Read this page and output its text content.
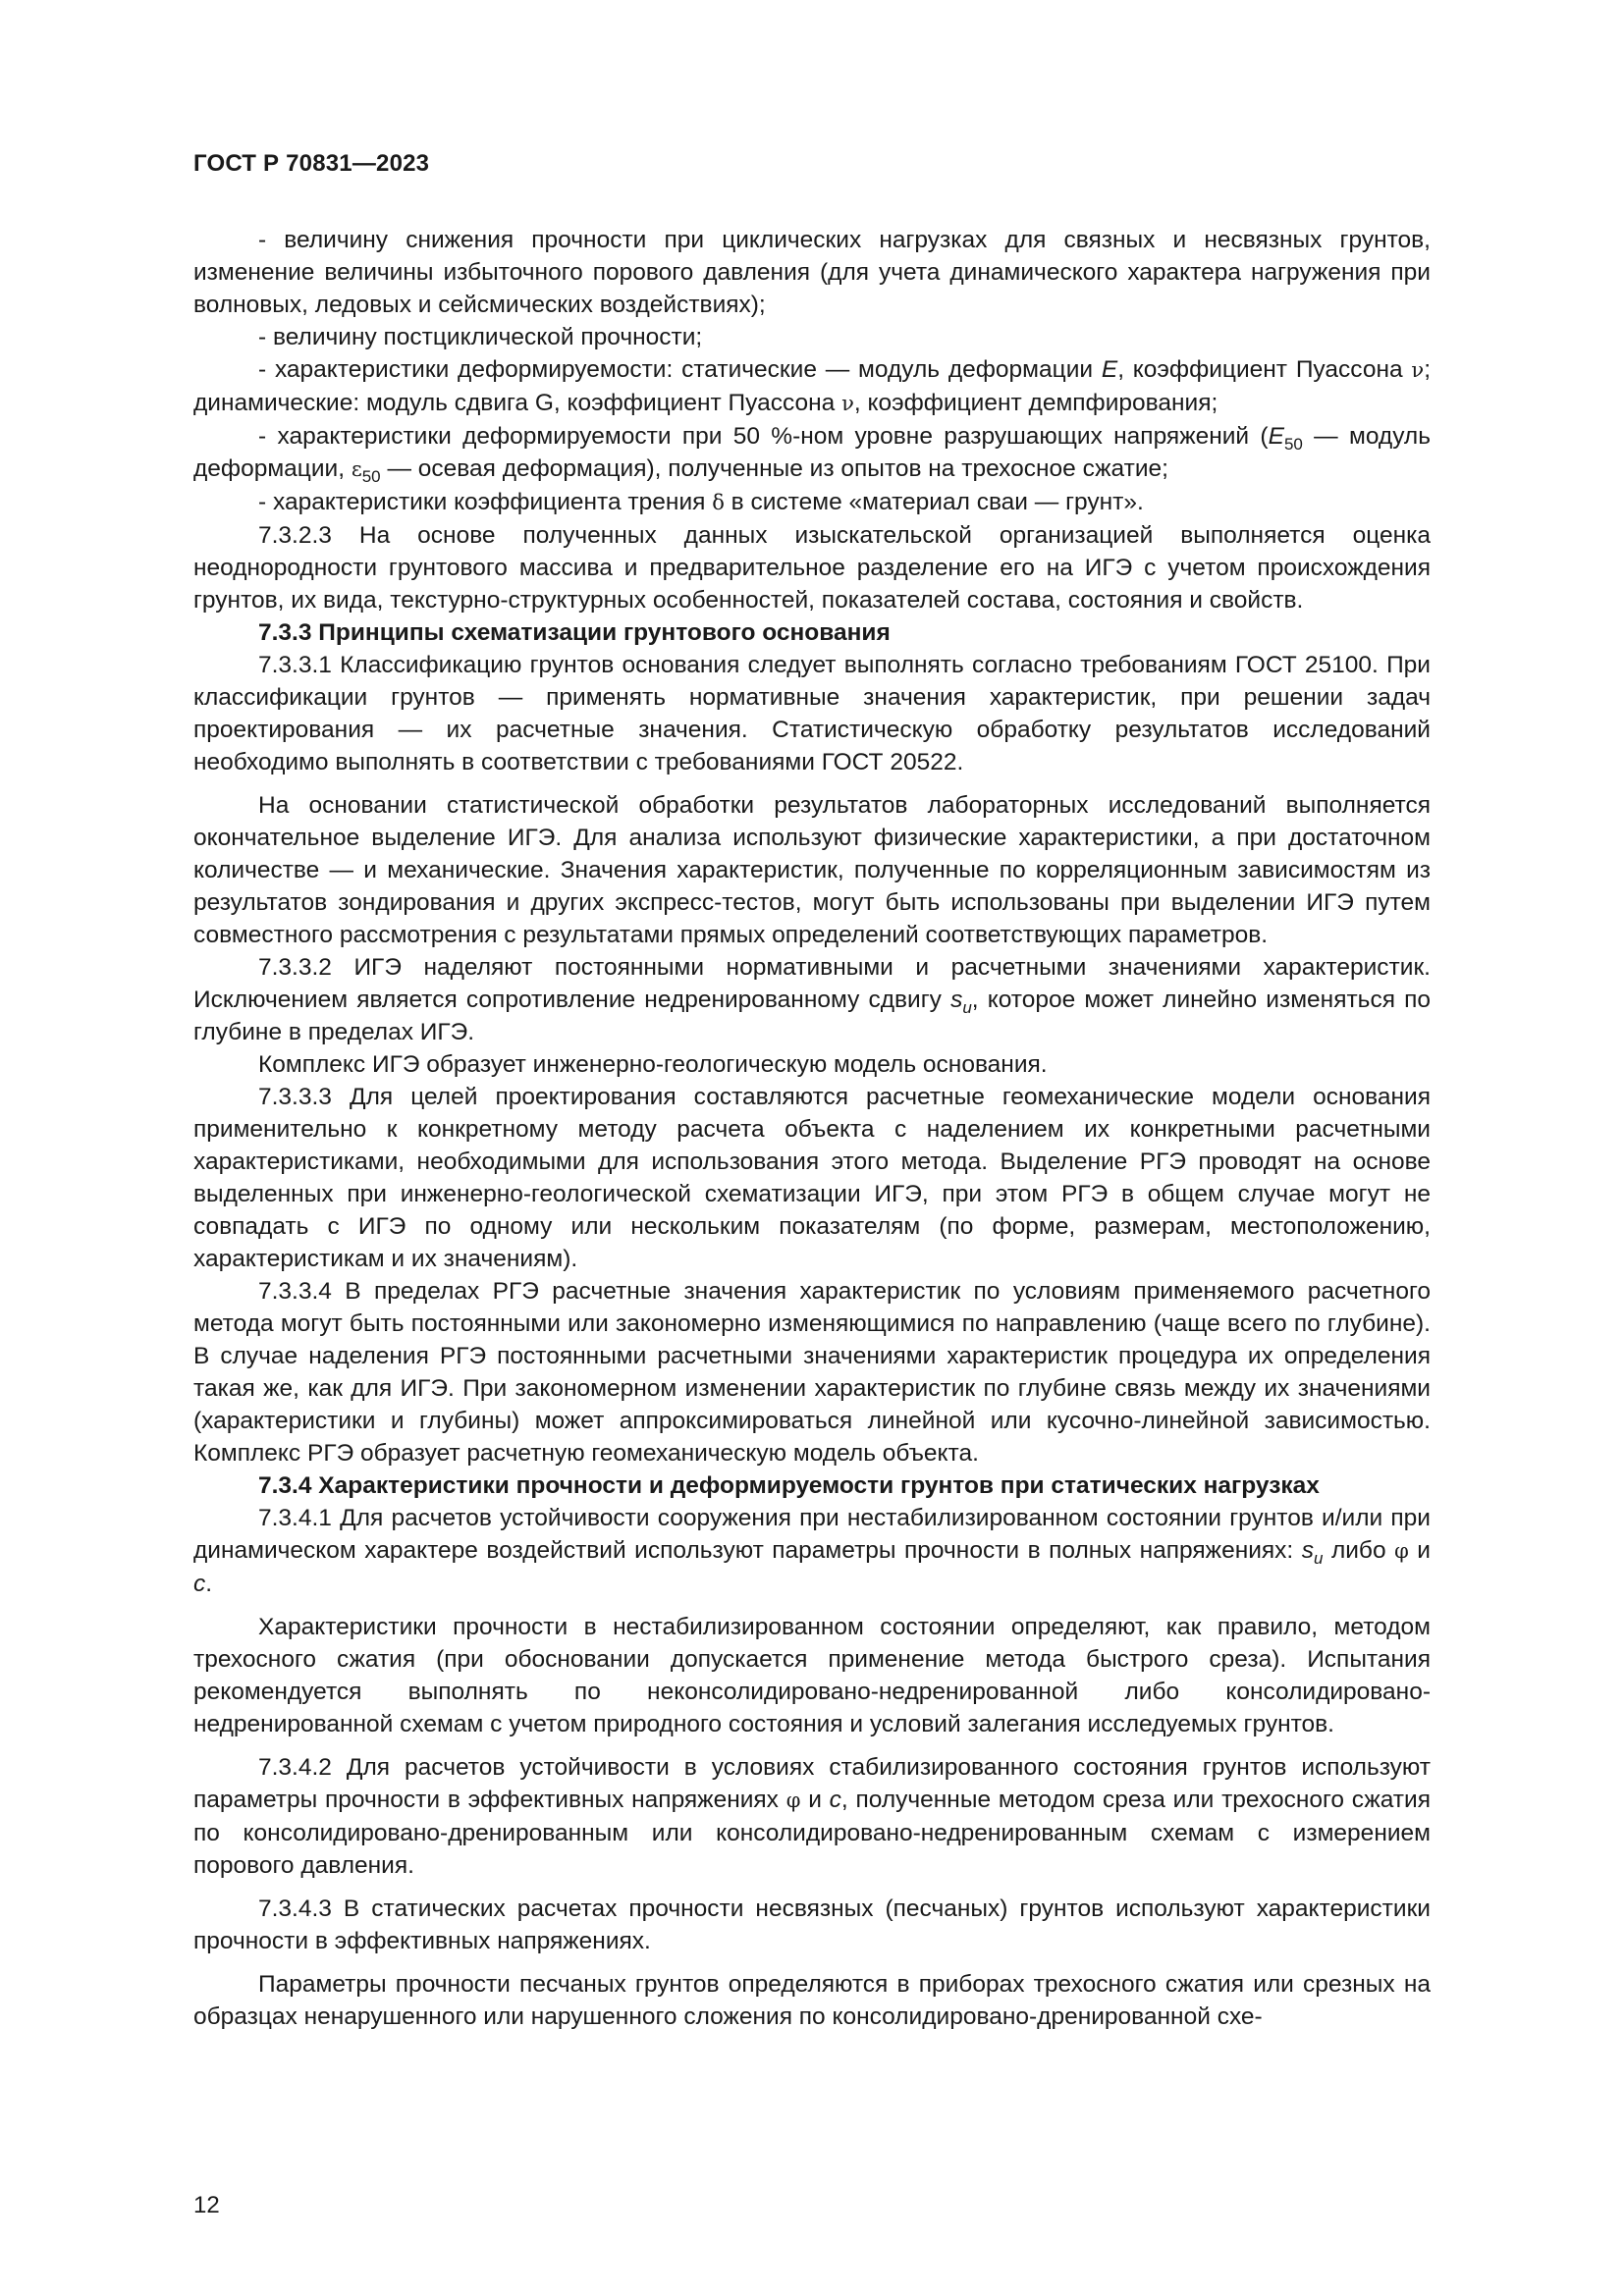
ГОСТ Р 70831—2023

- величину снижения прочности при циклических нагрузках для связных и несвязных грунтов, изменение величины избыточного порового давления (для учета динамического характера нагружения при волновых, ледовых и сейсмических воздействиях);

- величину постциклической прочности;

- характеристики деформируемости: статические — модуль деформации E, коэффициент Пуассона ν; динамические: модуль сдвига G, коэффициент Пуассона ν, коэффициент демпфирования;

- характеристики деформируемости при 50 %-ном уровне разрушающих напряжений ($E_{50}$ — модуль деформации, $\varepsilon_{50}$ — осевая деформация), полученные из опытов на трехосное сжатие;

- характеристики коэффициента трения δ в системе «материал сваи — грунт».

7.3.2.3 На основе полученных данных изыскательской организацией выполняется оценка неоднородности грунтового массива и предварительное разделение его на ИГЭ с учетом происхождения грунтов, их вида, текстурно-структурных особенностей, показателей состава, состояния и свойств.

7.3.3 Принципы схематизации грунтового основания

7.3.3.1 Классификацию грунтов основания следует выполнять согласно требованиям ГОСТ 25100. При классификации грунтов — применять нормативные значения характеристик, при решении задач проектирования — их расчетные значения. Статистическую обработку результатов исследований необходимо выполнять в соответствии с требованиями ГОСТ 20522.

На основании статистической обработки результатов лабораторных исследований выполняется окончательное выделение ИГЭ. Для анализа используют физические характеристики, а при достаточном количестве — и механические. Значения характеристик, полученные по корреляционным зависимостям из результатов зондирования и других экспресс-тестов, могут быть использованы при выделении ИГЭ путем совместного рассмотрения с результатами прямых определений соответствующих параметров.

7.3.3.2 ИГЭ наделяют постоянными нормативными и расчетными значениями характеристик. Исключением является сопротивление недренированному сдвигу $s_u$, которое может линейно изменяться по глубине в пределах ИГЭ.

Комплекс ИГЭ образует инженерно-геологическую модель основания.

7.3.3.3 Для целей проектирования составляются расчетные геомеханические модели основания применительно к конкретному методу расчета объекта с наделением их конкретными расчетными характеристиками, необходимыми для использования этого метода. Выделение РГЭ проводят на основе выделенных при инженерно-геологической схематизации ИГЭ, при этом РГЭ в общем случае могут не совпадать с ИГЭ по одному или нескольким показателям (по форме, размерам, местоположению, характеристикам и их значениям).

7.3.3.4 В пределах РГЭ расчетные значения характеристик по условиям применяемого расчетного метода могут быть постоянными или закономерно изменяющимися по направлению (чаще всего по глубине). В случае наделения РГЭ постоянными расчетными значениями характеристик процедура их определения такая же, как для ИГЭ. При закономерном изменении характеристик по глубине связь между их значениями (характеристики и глубины) может аппроксимироваться линейной или кусочно-линейной зависимостью. Комплекс РГЭ образует расчетную геомеханическую модель объекта.

7.3.4 Характеристики прочности и деформируемости грунтов при статических нагрузках

7.3.4.1 Для расчетов устойчивости сооружения при нестабилизированном состоянии грунтов и/или при динамическом характере воздействий используют параметры прочности в полных напряжениях: $s_u$ либо φ и c.

Характеристики прочности в нестабилизированном состоянии определяют, как правило, методом трехосного сжатия (при обосновании допускается применение метода быстрого среза). Испытания рекомендуется выполнять по неконсолидировано-недренированной либо консолидировано-недренированной схемам с учетом природного состояния и условий залегания исследуемых грунтов.

7.3.4.2 Для расчетов устойчивости в условиях стабилизированного состояния грунтов используют параметры прочности в эффективных напряжениях φ и c, полученные методом среза или трехосного сжатия по консолидировано-дренированным или консолидировано-недренированным схемам с измерением порового давления.

7.3.4.3 В статических расчетах прочности несвязных (песчаных) грунтов используют характеристики прочности в эффективных напряжениях.

Параметры прочности песчаных грунтов определяются в приборах трехосного сжатия или срезных на образцах ненарушенного или нарушенного сложения по консолидировано-дренированной схе-

12
